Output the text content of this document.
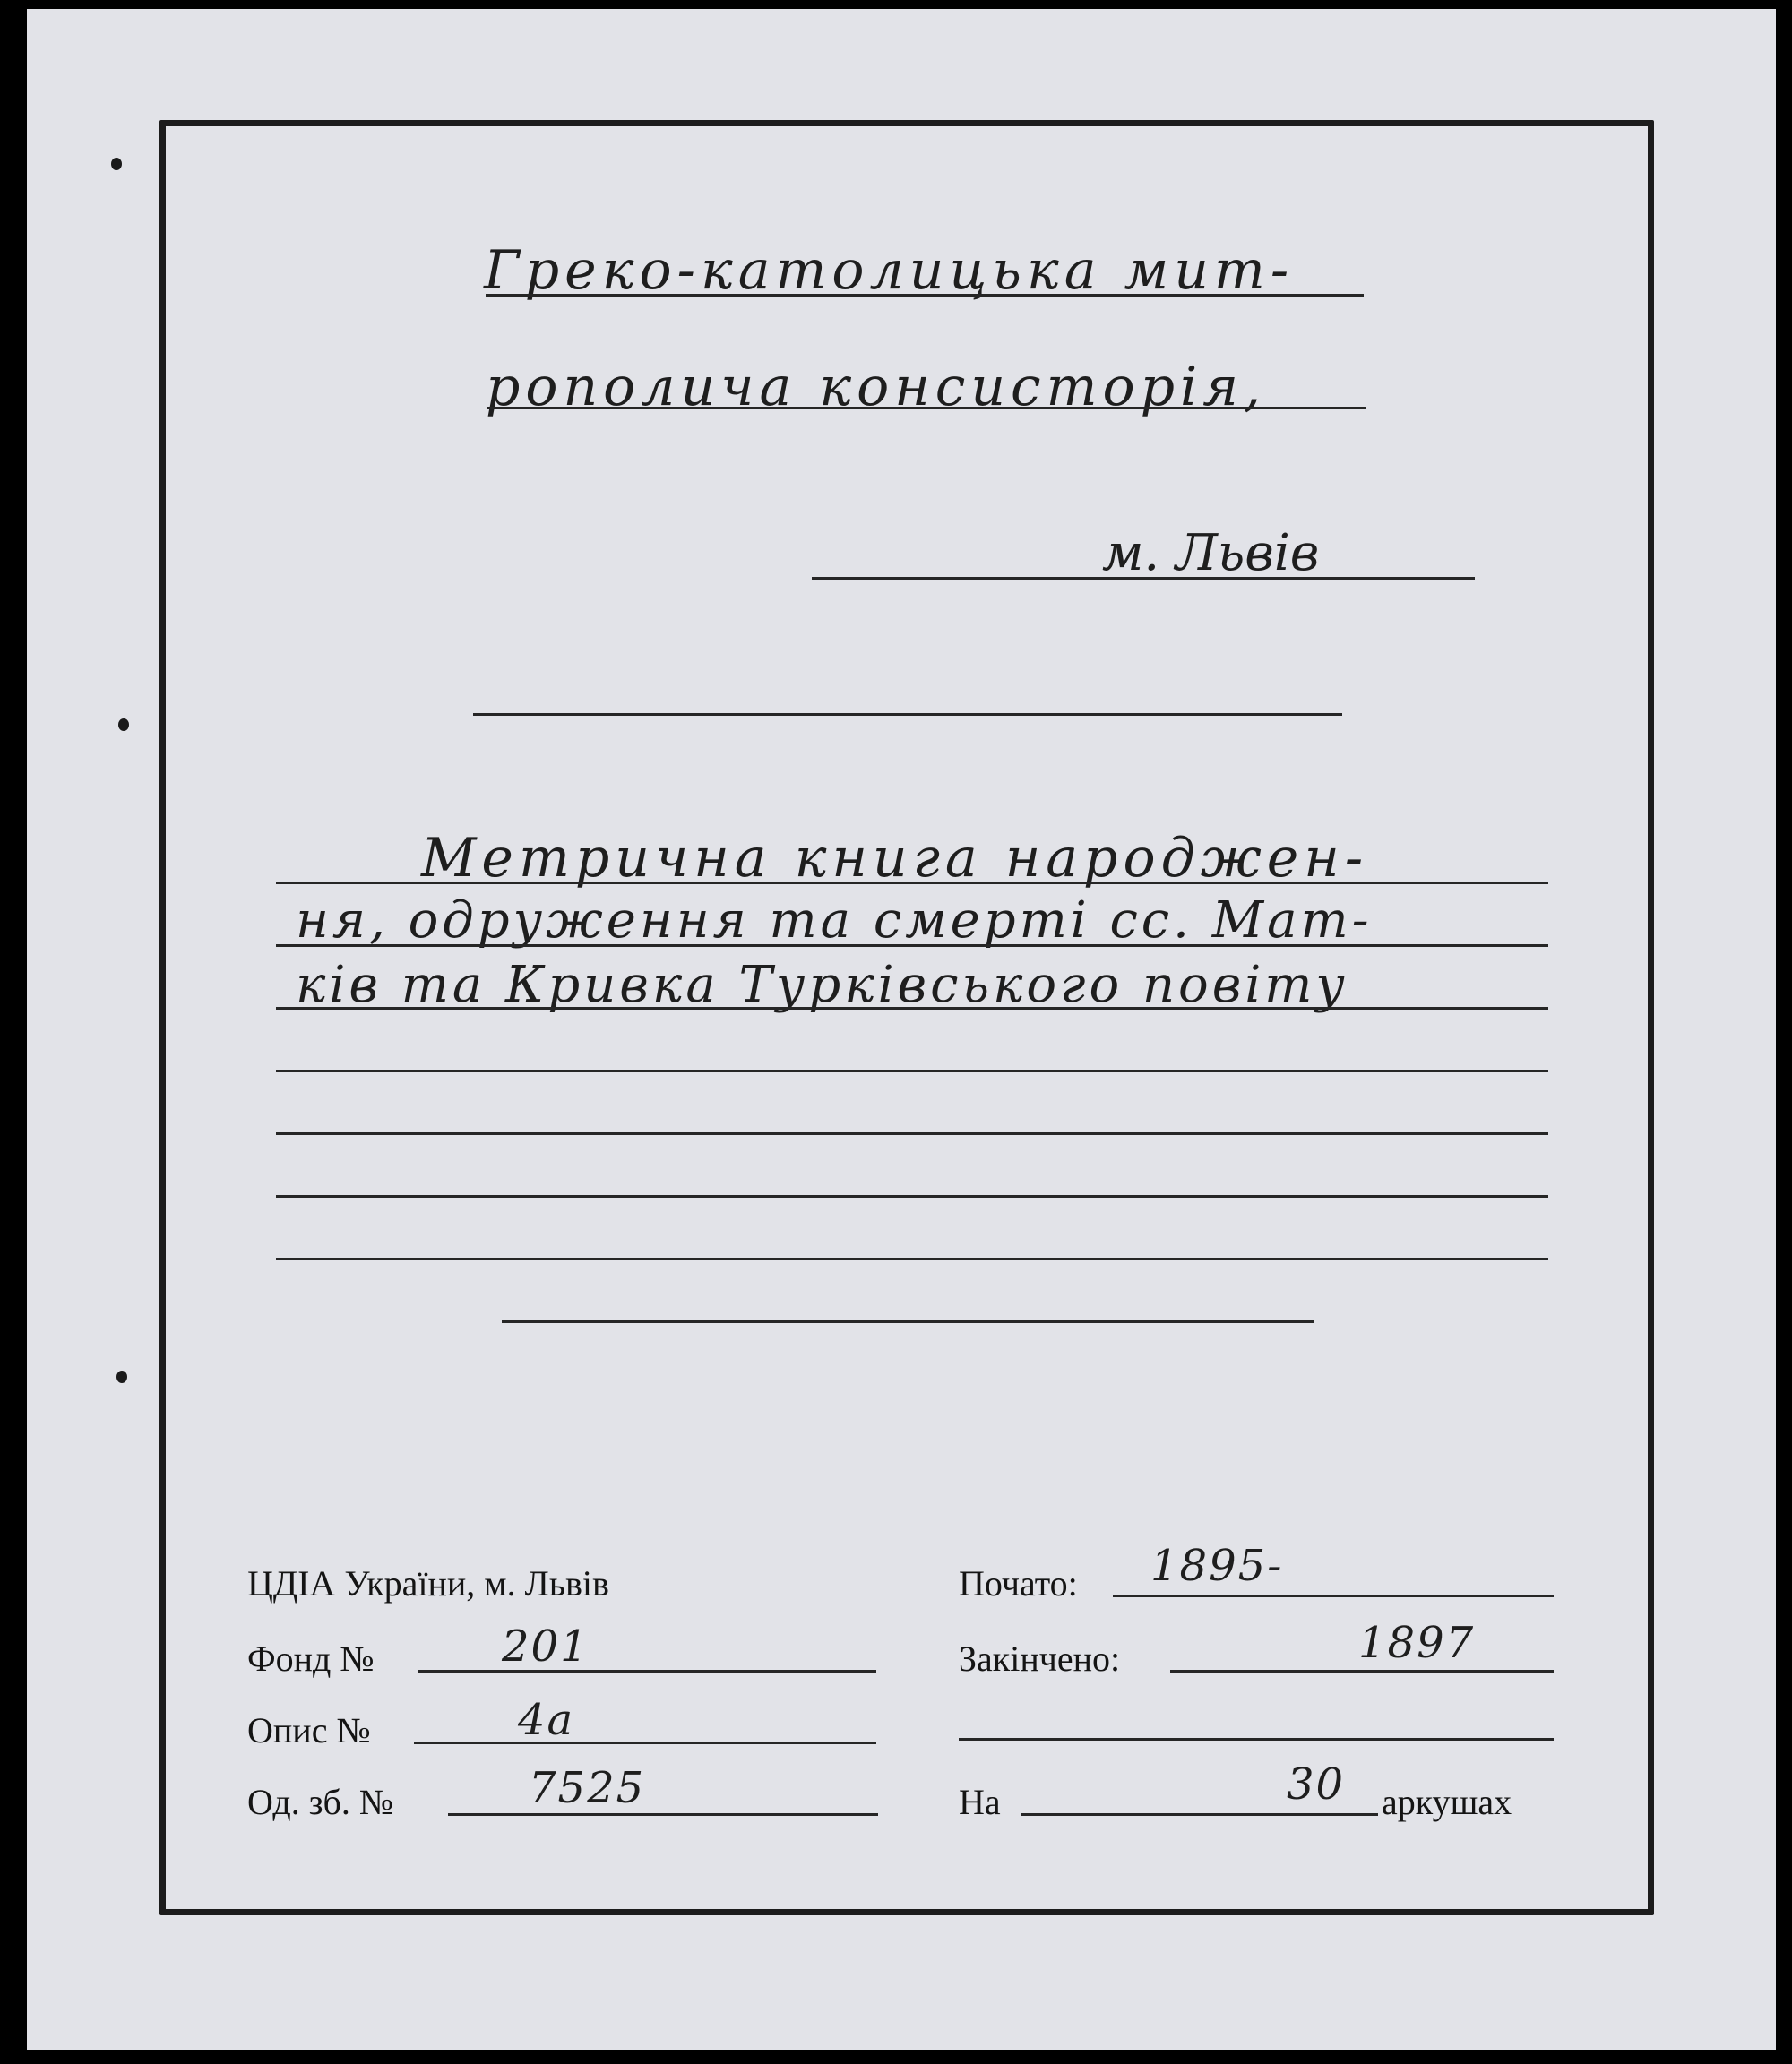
Греко-католицька мит-
рополича консисторія,
м. Львів
Метрична книга народжен-
ня, одруження та смерті сс. Мат-
ків та Кривка Турківського повіту
ЦДІА України, м. Львів
Фонд №	201
Опис №	4а
Од. зб. №	7525
Почато: 1895-
Закінчено:	1897
На	30 аркушах
